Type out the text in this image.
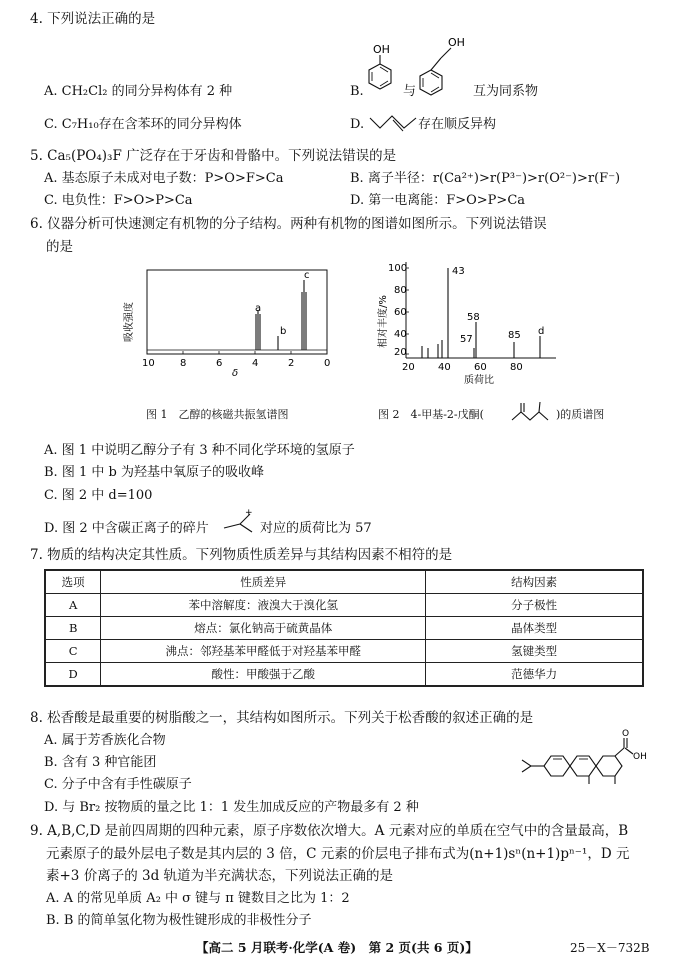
4. 下列说法正确的是
A. CH₂Cl₂ 的同分异构体有 2 种	B.	与	互为同系物
OH
OH
C. C₇H₁₀存在含苯环的同分异构体	D.	存在顺反异构
5. Ca₅(PO₄)₃F 广泛存在于牙齿和骨骼中。下列说法错误的是
A. 基态原子未成对电子数：P>O>F>Ca	B. 离子半径：r(Ca²⁺)>r(P³⁻)>r(O²⁻)>r(F⁻)
C. 电负性：F>O>P>Ca	D. 第一电离能：F>O>P>Ca
6. 仪器分析可快速测定有机物的分子结构。两种有机物的图谱如图所示。下列说法错误
的是
吸收强度
10	8	6	4	2	0
δ
a
b
c
相对丰度/%
100
80
60
40
20
20 40 60 80
质荷比
43
58
57	85 d
图 1　乙醇的核磁共振氢谱图	图 2　4-甲基-2-戊酮(	)的质谱图
A. 图 1 中说明乙醇分子有 3 种不同化学环境的氢原子
B. 图 1 中 b 为羟基中氧原子的吸收峰
C. 图 2 中 d=100
D. 图 2 中含碳正离子的碎片
+
对应的质荷比为 57
7. 物质的结构决定其性质。下列物质性质差异与其结构因素不相符的是
选项	性质差异	结构因素
A	苯中溶解度：液溴大于溴化氢	分子极性
B	熔点：氯化钠高于硫黄晶体	晶体类型
C	沸点：邻羟基苯甲醛低于对羟基苯甲醛	氢键类型
D	酸性：甲酸强于乙酸	范德华力
8. 松香酸是最重要的树脂酸之一，其结构如图所示。下列关于松香酸的叙述正确的是
A. 属于芳香族化合物
B. 含有 3 种官能团
C. 分子中含有手性碳原子
D. 与 Br₂ 按物质的量之比 1：1 发生加成反应的产物最多有 2 种
O
OH
9. A,B,C,D 是前四周期的四种元素，原子序数依次增大。A 元素对应的单质在空气中的含量最高，B
元素原子的最外层电子数是其内层的 3 倍，C 元素的价层电子排布式为(n+1)sⁿ(n+1)pⁿ⁻¹，D 元
素+3 价离子的 3d 轨道为半充满状态，下列说法正确的是
A. A 的常见单质 A₂ 中 σ 键与 π 键数目之比为 1：2
B. B 的简单氢化物为极性键形成的非极性分子
【高二 5 月联考·化学(A 卷)　第 2 页(共 6 页)】	25－X－732B
